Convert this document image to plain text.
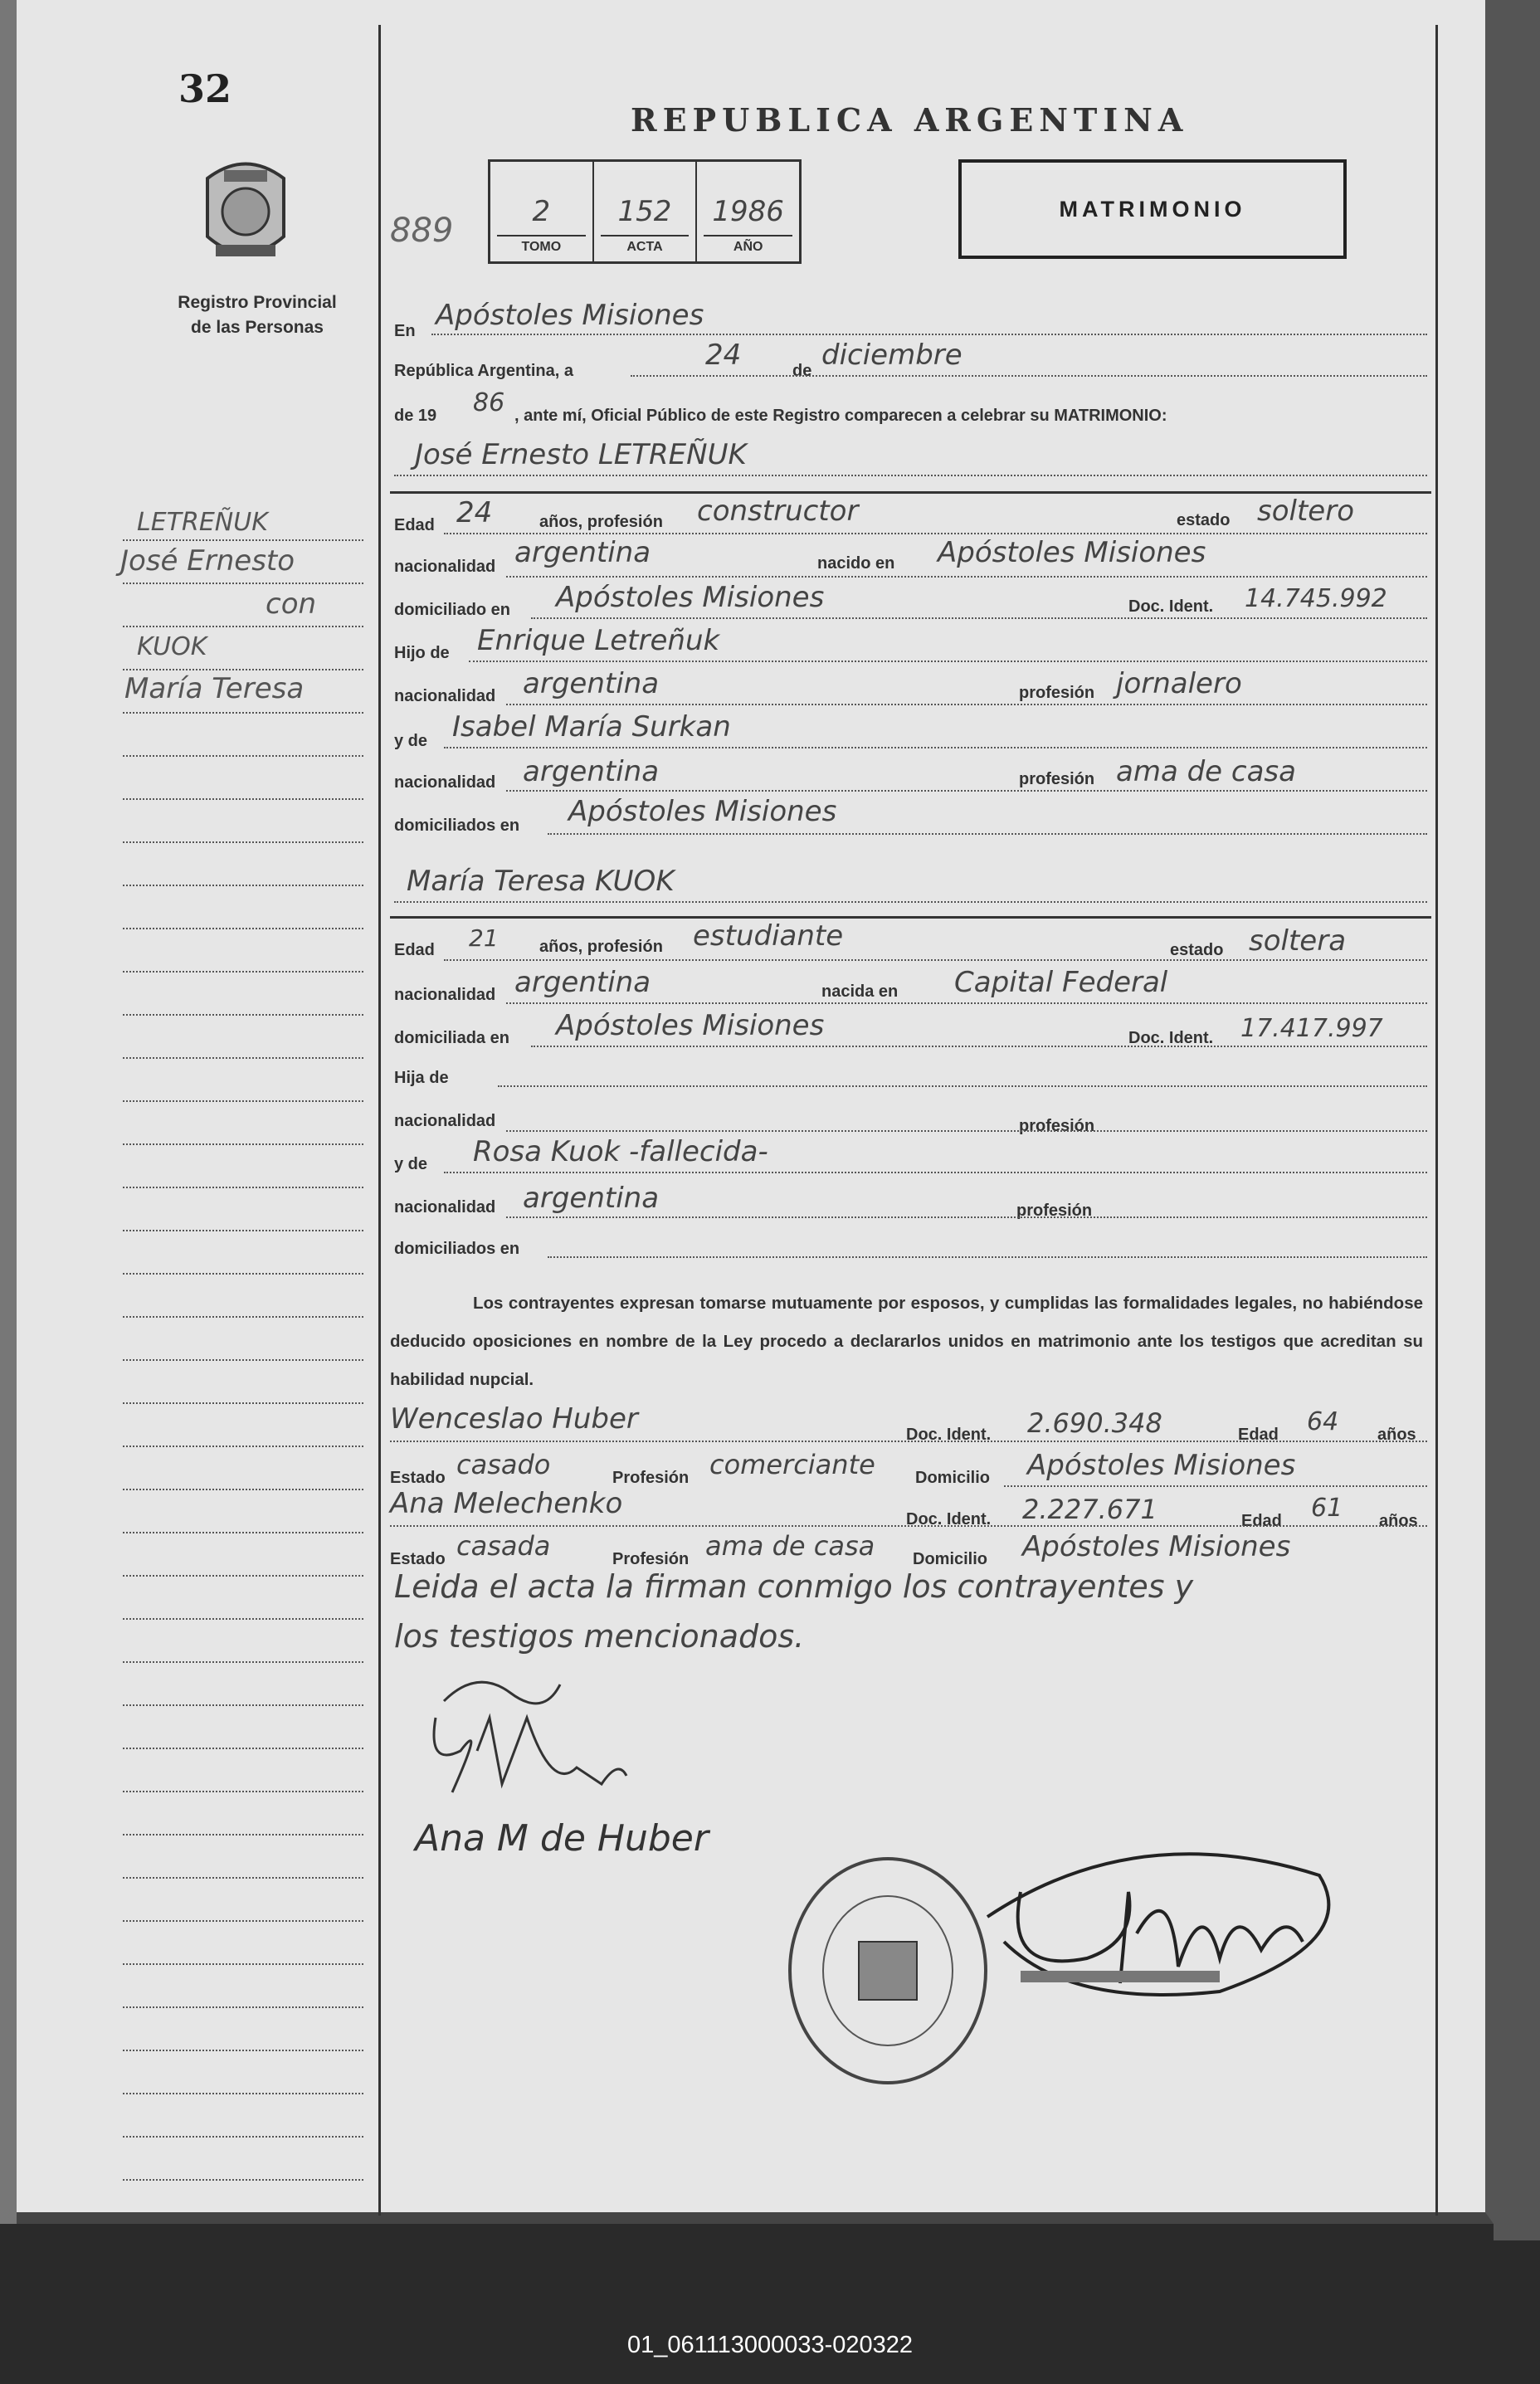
32
Registro Provincial
de las Personas
REPUBLICA ARGENTINA
889	2
TOMO
152
ACTA
1986
AÑO
MATRIMONIO
En Apóstoles Misiones
República Argentina, a	24	de diciembre
de 19 86 , ante mí, Oficial Público de este Registro comparecen a celebrar su MATRIMONIO:
José Ernesto LETREÑUK
Edad 24	años, profesión constructor	estado soltero
nacionalidad argentina	nacido en Apóstoles Misiones
domiciliado en Apóstoles Misiones	Doc. Ident. 14.745.992
Hijo de Enrique Letreñuk
nacionalidad argentina	profesión jornalero
y de Isabel María Surkan
nacionalidad argentina	profesión ama de casa
domiciliados en Apóstoles Misiones
María Teresa KUOK
Edad 21 años, profesión estudiante	estado soltera
nacionalidad argentina	nacida en Capital Federal
domiciliada en Apóstoles Misiones	Doc. Ident. 17.417.997
Hija de
nacionalidad	profesión
y de Rosa Kuok -fallecida-
nacionalidad argentina	profesión
domiciliados en
Los contrayentes expresan tomarse mutuamente por esposos, y cumplidas las formalidades legales, no habiéndose deducido oposiciones en nombre de la Ley procedo a declararlos unidos en matrimonio ante los testigos que acreditan su habilidad nupcial.
Wenceslao Huber	Doc. Ident. 2.690.348	Edad 64 años
Estado casado	Profesión comerciante Domicilio Apóstoles Misiones
Ana Melechenko	Doc. Ident. 2.227.671	Edad 61 años
Estado casada	Profesión ama de casa Domicilio Apóstoles Misiones
Leida el acta la firman conmigo los contrayentes y
los testigos mencionados.
Ana M de Huber
LETREÑUK
José Ernesto
con
KUOK
María Teresa
01_061113000033-020322
